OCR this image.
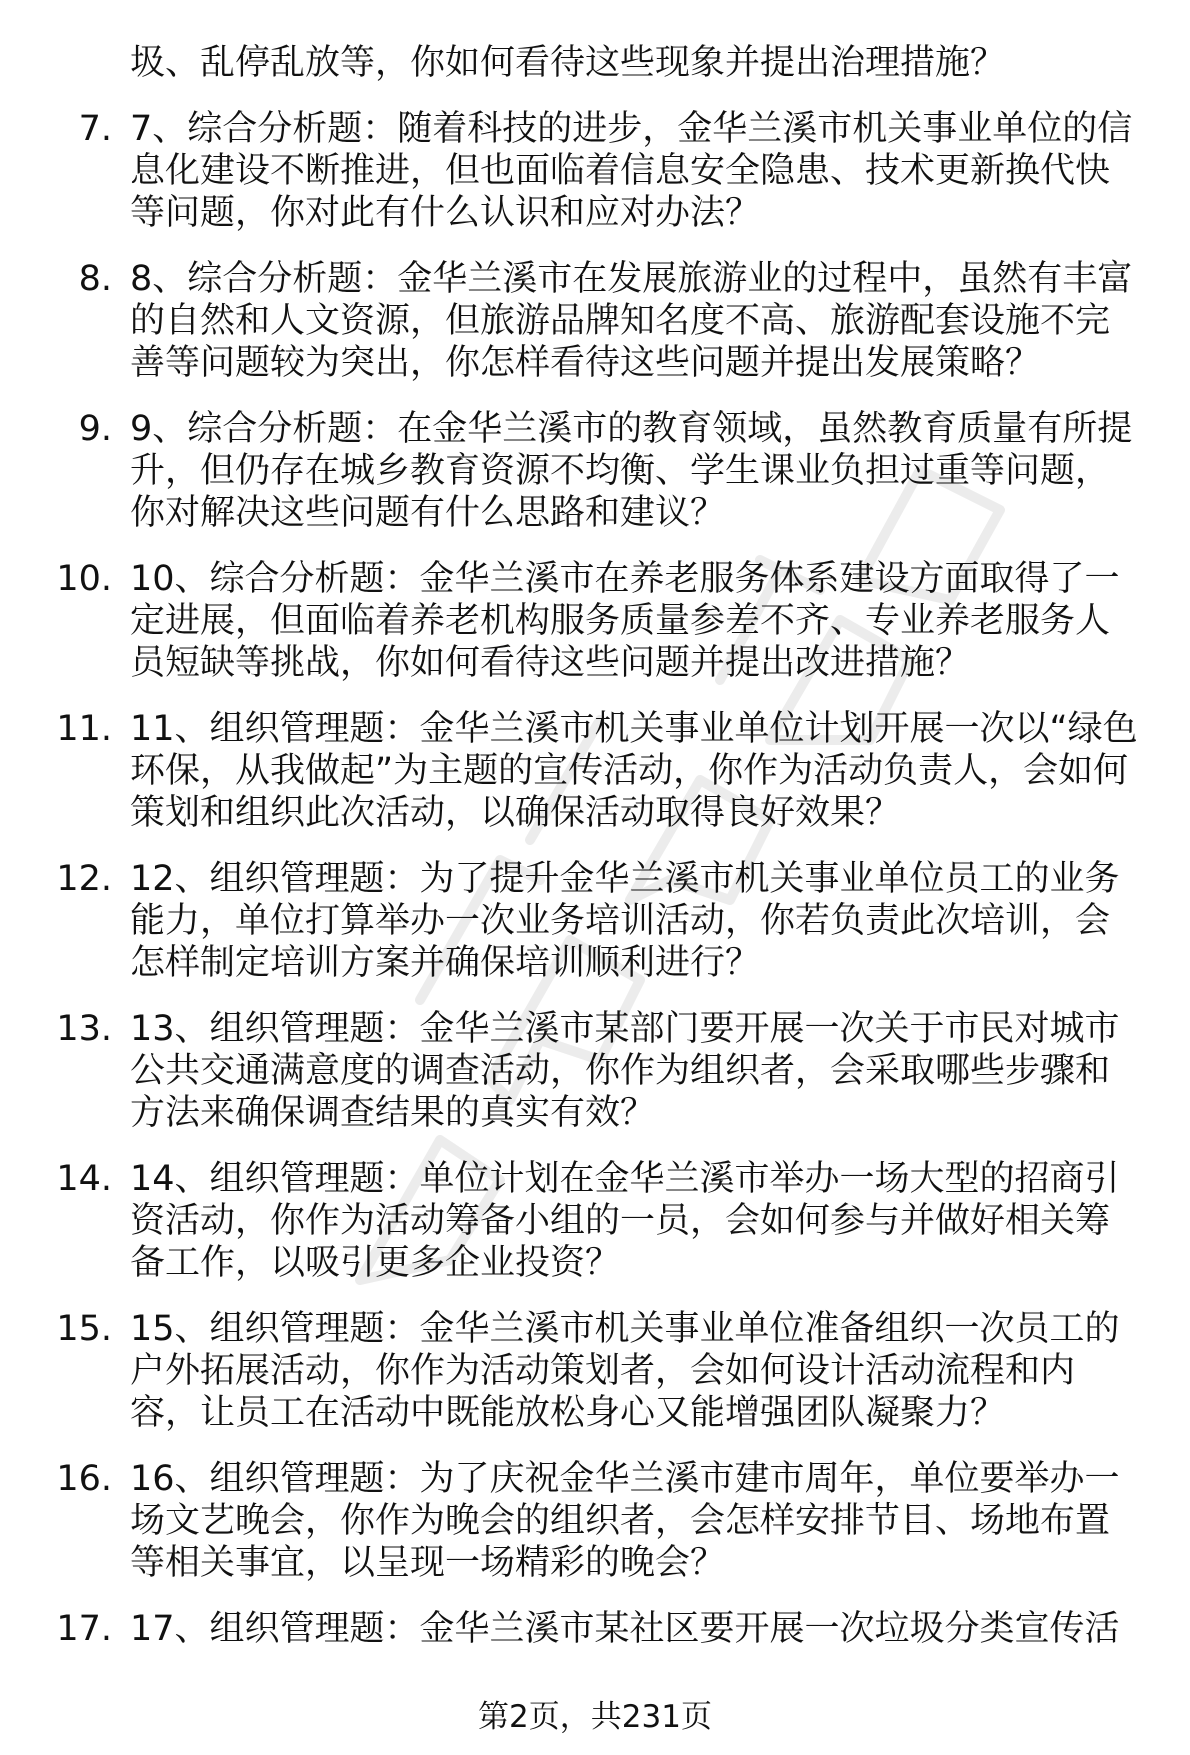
圾、乱停乱放等，你如何看待这些现象并提出治理措施？
7. 7、综合分析题：随着科技的进步，金华兰溪市机关事业单位的信
息化建设不断推进，但也面临着信息安全隐患、技术更新换代快
等问题，你对此有什么认识和应对办法？
8. 8、综合分析题：金华兰溪市在发展旅游业的过程中，虽然有丰富
的自然和人文资源，但旅游品牌知名度不高、旅游配套设施不完
善等问题较为突出，你怎样看待这些问题并提出发展策略？
9. 9、综合分析题：在金华兰溪市的教育领域，虽然教育质量有所提
升，但仍存在城乡教育资源不均衡、学生课业负担过重等问题，
你对解决这些问题有什么思路和建议？
10. 10、综合分析题：金华兰溪市在养老服务体系建设方面取得了一
定进展，但面临着养老机构服务质量参差不齐、专业养老服务人
员短缺等挑战，你如何看待这些问题并提出改进措施？
11. 11、组织管理题：金华兰溪市机关事业单位计划开展一次以“绿色
环保，从我做起”为主题的宣传活动，你作为活动负责人，会如何
策划和组织此次活动，以确保活动取得良好效果？
12. 12、组织管理题：为了提升金华兰溪市机关事业单位员工的业务
能力，单位打算举办一次业务培训活动，你若负责此次培训，会
怎样制定培训方案并确保培训顺利进行？
13. 13、组织管理题：金华兰溪市某部门要开展一次关于市民对城市
公共交通满意度的调查活动，你作为组织者，会采取哪些步骤和
方法来确保调查结果的真实有效？
14. 14、组织管理题：单位计划在金华兰溪市举办一场大型的招商引
资活动，你作为活动筹备小组的一员，会如何参与并做好相关筹
备工作，以吸引更多企业投资？
15. 15、组织管理题：金华兰溪市机关事业单位准备组织一次员工的
户外拓展活动，你作为活动策划者，会如何设计活动流程和内
容，让员工在活动中既能放松身心又能增强团队凝聚力？
16. 16、组织管理题：为了庆祝金华兰溪市建市周年，单位要举办一
场文艺晚会，你作为晚会的组织者，会怎样安排节目、场地布置
等相关事宜，以呈现一场精彩的晚会？
17. 17、组织管理题：金华兰溪市某社区要开展一次垃圾分类宣传活
第2页，共231页
